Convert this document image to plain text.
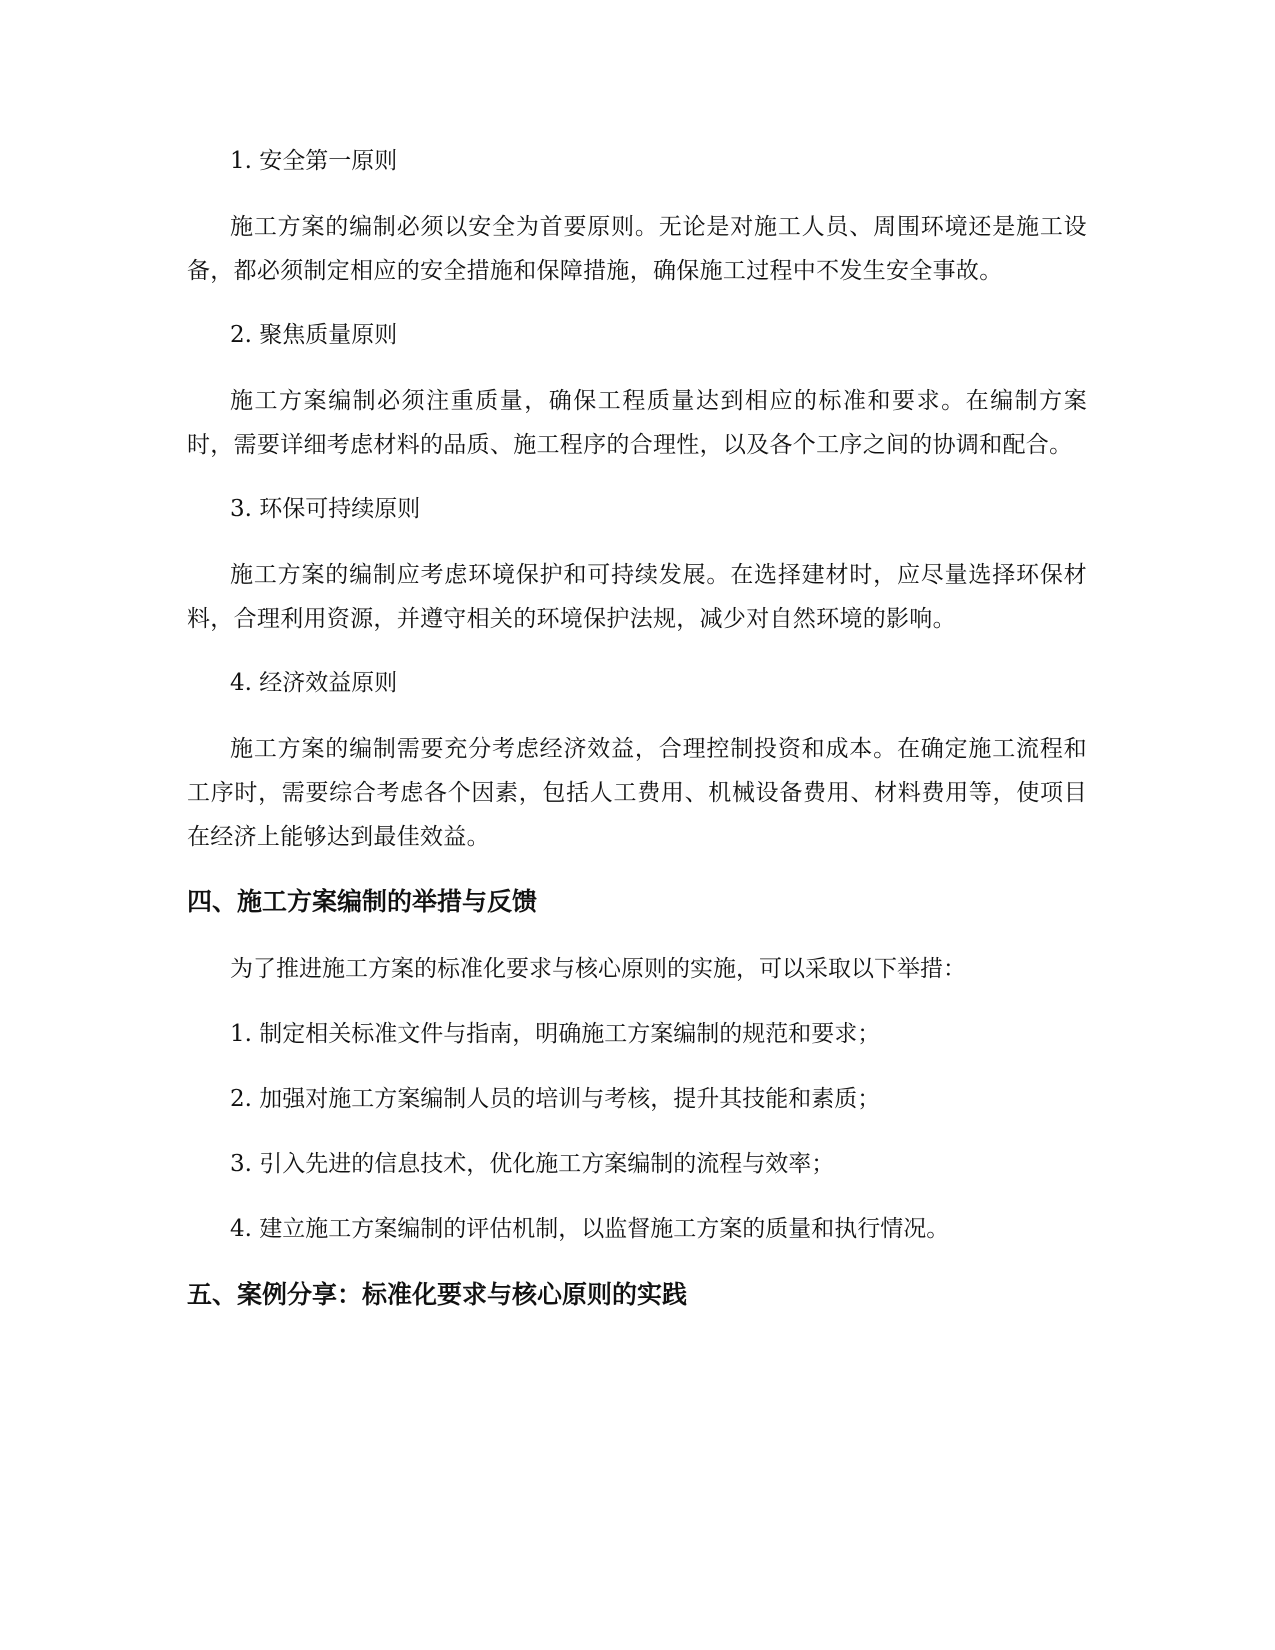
1. 安全第一原则

施工方案的编制必须以安全为首要原则。无论是对施工人员、周围环境还是施工设备，都必须制定相应的安全措施和保障措施，确保施工过程中不发生安全事故。

2. 聚焦质量原则

施工方案编制必须注重质量，确保工程质量达到相应的标准和要求。在编制方案时，需要详细考虑材料的品质、施工程序的合理性，以及各个工序之间的协调和配合。

3. 环保可持续原则

施工方案的编制应考虑环境保护和可持续发展。在选择建材时，应尽量选择环保材料，合理利用资源，并遵守相关的环境保护法规，减少对自然环境的影响。

4. 经济效益原则

施工方案的编制需要充分考虑经济效益，合理控制投资和成本。在确定施工流程和工序时，需要综合考虑各个因素，包括人工费用、机械设备费用、材料费用等，使项目在经济上能够达到最佳效益。

四、施工方案编制的举措与反馈
为了推进施工方案的标准化要求与核心原则的实施，可以采取以下举措：
1. 制定相关标准文件与指南，明确施工方案编制的规范和要求；
2. 加强对施工方案编制人员的培训与考核，提升其技能和素质；
3. 引入先进的信息技术，优化施工方案编制的流程与效率；
4. 建立施工方案编制的评估机制，以监督施工方案的质量和执行情况。
五、案例分享：标准化要求与核心原则的实践
